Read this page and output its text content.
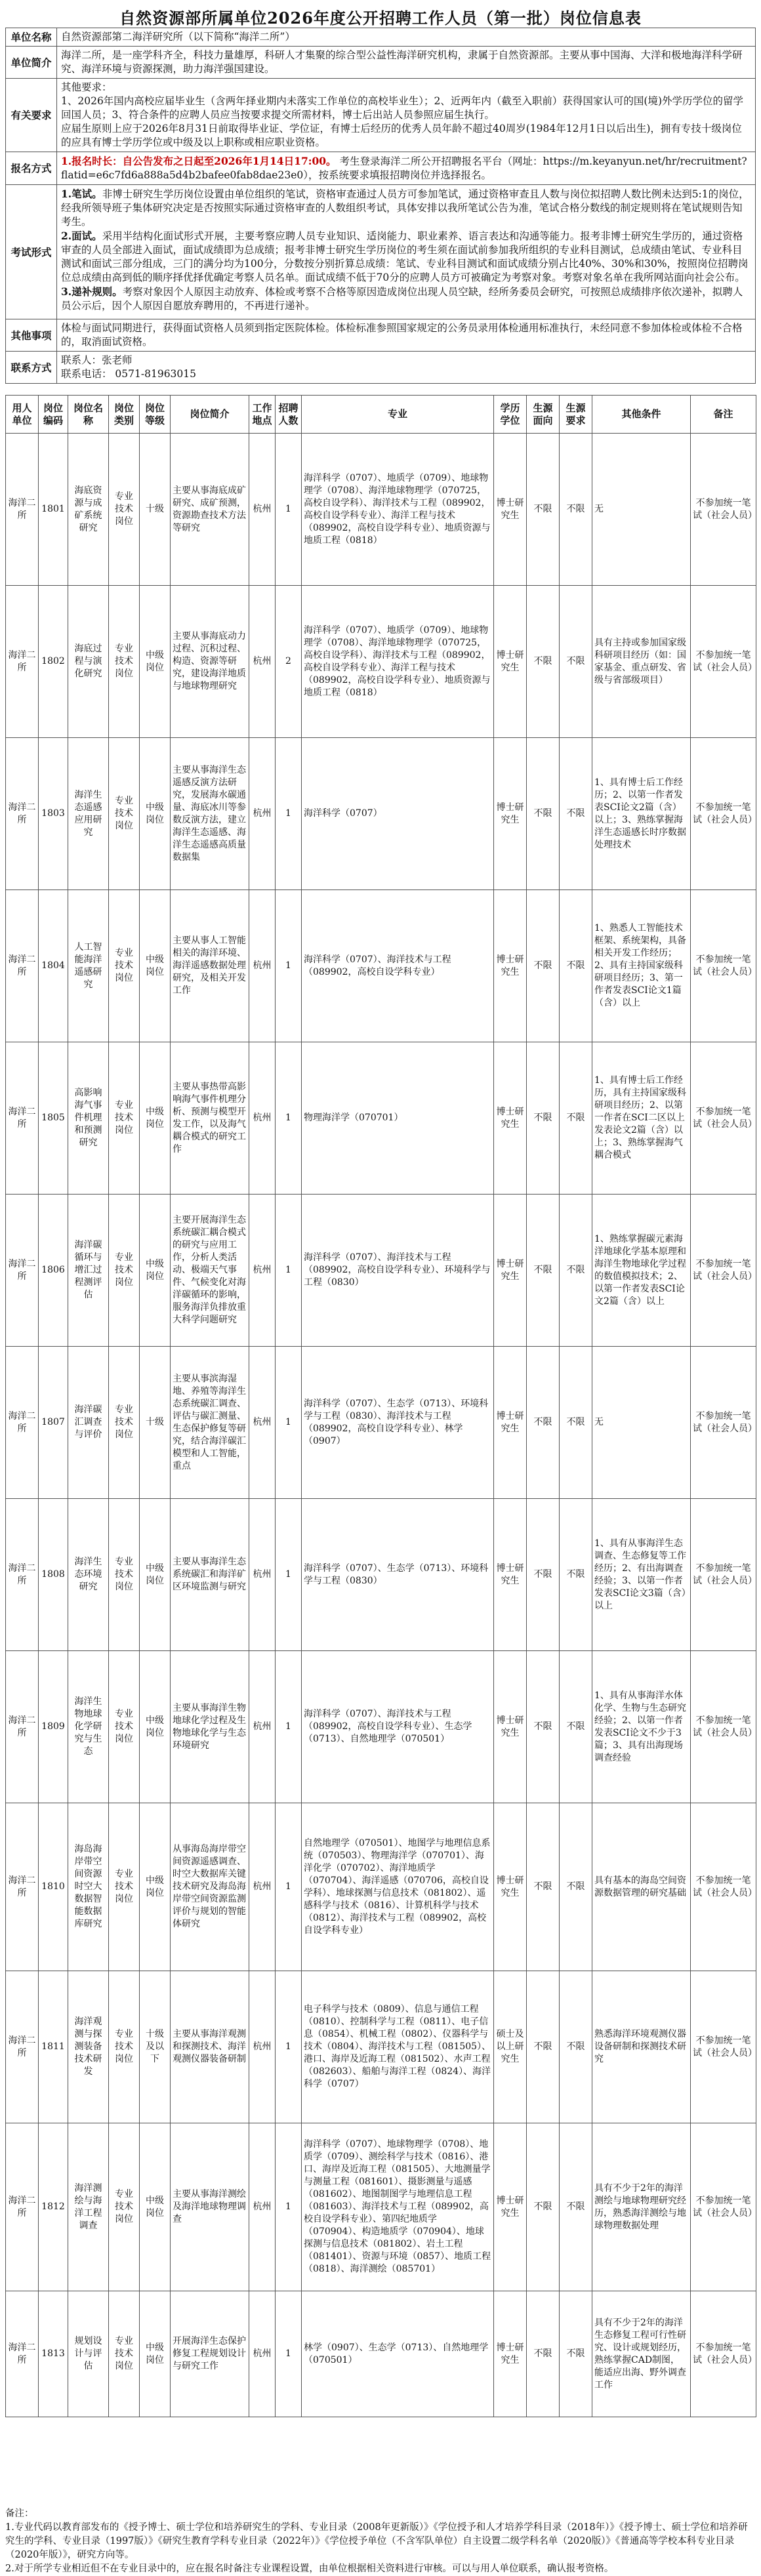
自然资源部所属单位2026年度公开招聘工作人员（第一批）岗位信息表
单位名称	自然资源部第二海洋研究所（以下简称“海洋二所”）
单位简介	海洋二所，是一座学科齐全，科技力量雄厚，科研人才集聚的综合型公益性海洋研究机构，隶属于自然资源部。主要从事中国海、大洋和极地海洋科学研究、海洋环境与资源探测，助力海洋强国建设。
有关要求	其他要求：

1、2026年国内高校应届毕业生（含两年择业期内未落实工作单位的高校毕业生）；2、近两年内（截至入职前）获得国家认可的国(境)外学历学位的留学回国人员；3、符合条件的应聘人员应当按要求提交所需材料，博士后出站人员参照应届生执行。

应届生原则上应于2026年8月31日前取得毕业证、学位证，有博士后经历的优秀人员年龄不超过40周岁(1984年12月1日以后出生)，拥有专技十级岗位的应具有博士学历学位或中级及以上职称或相应职业资格。

报名方式	1.报名时长：自公告发布之日起至2026年1月14日17:00。 考生登录海洋二所公开招聘报名平台（网址：https://m.keyanyun.net/hr/recruitment?flatid=e6c7fd6a888a5d4b2bafee0fab8dae23e0），按系统要求填报招聘岗位并选择报名。
考试形式	1.笔试。非博士研究生学历岗位设置由单位组织的笔试，资格审查通过人员方可参加笔试，通过资格审查且人数与岗位拟招聘人数比例未达到5:1的岗位，经我所领导班子集体研究决定是否按照实际通过资格审查的人数组织考试，具体安排以我所笔试公告为准，笔试合格分数线的制定规则将在笔试规则告知考生。

2.面试。采用半结构化面试形式开展，主要考察应聘人员专业知识、适岗能力、职业素养、语言表达和沟通等能力。报考非博士研究生学历的，通过资格审查的人员全部进入面试，面试成绩即为总成绩；报考非博士研究生学历岗位的考生须在面试前参加我所组织的专业科目测试，总成绩由笔试、专业科目测试和面试三部分组成，三门的满分均为100分，分数按分别折算总成绩：笔试、专业科目测试和面试成绩分别占比40%、30%和30%，按照岗位招聘岗位总成绩由高到低的顺序择优择优确定考察人员名单。面试成绩不低于70分的应聘人员方可被确定为考察对象。考察对象名单在我所网站面向社会公布。

3.递补规则。考察对象因个人原因主动放弃、体检或考察不合格等原因造成岗位出现人员空缺，经所务委员会研究，可按照总成绩排序依次递补，拟聘人员公示后，因个人原因自愿放弃聘用的，不再进行递补。

其他事项	体检与面试同期进行，获得面试资格人员须到指定医院体检。体检标准参照国家规定的公务员录用体检通用标准执行，未经同意不参加体检或体检不合格的，取消面试资格。
联系方式	联系人：张老师

联系电话： 0571-81963015

用人单位	岗位编码	岗位名称	岗位类别	岗位等级	岗位简介	工作地点	招聘人数	专业	学历学位	生源面向	生源要求	其他条件	备注
海洋二所	1801	海底资源与成矿系统研究	专业技术岗位	十级	主要从事海底成矿研究、成矿预测，资源勘查技术方法等研究	杭州	1	海洋科学（0707）、地质学（0709）、地球物理学（0708）、海洋地球物理学（070725，高校自设学科）、海洋技术与工程（089902，高校自设学科专业）、海洋工程与技术（089902，高校自设学科专业）、地质资源与地质工程（0818）	博士研究生	不限	不限	无	不参加统一笔试（社会人员）
海洋二所	1802	海底过程与演化研究	专业技术岗位	中级岗位	主要从事海底动力过程、沉积过程、构造、资源等研究，建设海洋地质与地球物理研究	杭州	2	海洋科学（0707）、地质学（0709）、地球物理学（0708）、海洋地球物理学（070725，高校自设学科）、海洋技术与工程（089902，高校自设学科专业）、海洋工程与技术（089902，高校自设学科专业）、地质资源与地质工程（0818）	博士研究生	不限	不限	具有主持或参加国家级科研项目经历（如：国家基金、重点研发、省级与省部级项目）	不参加统一笔试（社会人员）
海洋二所	1803	海洋生态遥感应用研究	专业技术岗位	中级岗位	主要从事海洋生态遥感反演方法研究，发展海水碳通量、海底冰川等参数反演方法，建立海洋生态遥感、海洋生态遥感高质量数据集	杭州	1	海洋科学（0707）	博士研究生	不限	不限	1、具有博士后工作经历；2、以第一作者发表SCI论文2篇（含）以上；3、熟练掌握海洋生态遥感长时序数据处理技术	不参加统一笔试（社会人员）
海洋二所	1804	人工智能海洋遥感研究	专业技术岗位	中级岗位	主要从事人工智能相关的海洋环境、海洋遥感数据处理研究，及相关开发工作	杭州	1	海洋科学（0707）、海洋技术与工程（089902，高校自设学科专业）	博士研究生	不限	不限	1、熟悉人工智能技术框架、系统架构，具备相关开发工作经历；2、具有主持国家级科研项目经历；3、第一作者发表SCI论文1篇（含）以上	不参加统一笔试（社会人员）
海洋二所	1805	高影响海气事件机理和预测研究	专业技术岗位	中级岗位	主要从事热带高影响海气事件机理分析、预测与模型开发工作，以及海气耦合模式的研究工作	杭州	1	物理海洋学（070701）	博士研究生	不限	不限	1、具有博士后工作经历，具有主持国家级科研项目经历；2、以第一作者在SCI二区以上发表论文2篇（含）以上；3、熟练掌握海气耦合模式	不参加统一笔试（社会人员）
海洋二所	1806	海洋碳循环与增汇过程测评估	专业技术岗位	中级岗位	主要开展海洋生态系统碳汇耦合模式的研究与应用工作，分析人类活动、极端天气事件、气候变化对海洋碳循环的影响，服务海洋负排放重大科学问题研究	杭州	1	海洋科学（0707）、海洋技术与工程（089902，高校自设学科专业）、环境科学与工程（0830）	博士研究生	不限	不限	1、熟练掌握碳元素海洋地球化学基本原理和海洋生物地球化学过程的数值模拟技术；2、以第一作者发表SCI论文2篇（含）以上	不参加统一笔试（社会人员）
海洋二所	1807	海洋碳汇调查与评价	专业技术岗位	十级	主要从事滨海湿地、养殖等海洋生态系统碳汇调查、评估与碳汇测量、生态保护修复等研究，结合海洋碳汇模型和人工智能，重点	杭州	1	海洋科学（0707）、生态学（0713）、环境科学与工程（0830）、海洋技术与工程（089902，高校自设学科专业）、林学（0907）	博士研究生	不限	不限	无	不参加统一笔试（社会人员）
海洋二所	1808	海洋生态环境研究	专业技术岗位	中级岗位	主要从事海洋生态系统碳汇和海洋矿区环境监测与研究	杭州	1	海洋科学（0707）、生态学（0713）、环境科学与工程（0830）	博士研究生	不限	不限	1、具有从事海洋生态调查、生态修复等工作经历；2、有出海调查经验；3、以第一作者发表SCI论文3篇（含）以上	不参加统一笔试（社会人员）
海洋二所	1809	海洋生物地球化学研究与生态	专业技术岗位	中级岗位	主要从事海洋生物地球化学过程及生物地球化学与生态环境研究	杭州	1	海洋科学（0707）、海洋技术与工程（089902，高校自设学科专业）、生态学（0713）、自然地理学（070501）	博士研究生	不限	不限	1、具有从事海洋水体化学、生物与生态研究经验；2、以第一作者发表SCI论文不少于3篇；3、具有出海现场调查经验	不参加统一笔试（社会人员）
海洋二所	1810	海岛海岸带空间资源时空大数据智能数据库研究	专业技术岗位	中级岗位	从事海岛海岸带空间资源遥感调查、时空大数据库关键技术研究及海岛海岸带空间资源监测评价与规划的智能体研究	杭州	1	自然地理学（070501）、地图学与地理信息系统（070503）、物理海洋学（070701）、海洋化学（070702）、海洋地质学（070704）、海洋遥感（070706，高校自设学科）、地球探测与信息技术（081802）、遥感科学与技术（0816）、计算机科学与技术（0812）、海洋技术与工程（089902，高校自设学科专业）	博士研究生	不限	不限	具有基本的海岛空间资源数据管理的研究基础	不参加统一笔试（社会人员）
海洋二所	1811	海洋观测与探测装备技术研发	专业技术岗位	十级及以下	主要从事海洋观测和探测技术、海洋观测仪器装备研制	杭州	1	电子科学与技术（0809）、信息与通信工程（0810）、控制科学与工程（0811）、电子信息（0854）、机械工程（0802）、仪器科学与技术（0804）、海洋技术与工程（081505）、港口、海岸及近海工程（081502）、水声工程（082603）、船舶与海洋工程（0824）、海洋科学（0707）	硕士及以上研究生	不限	不限	熟悉海洋环境观测仪器设备研制和探测技术研究	不参加统一笔试（社会人员）
海洋二所	1812	海洋测绘与海洋工程调查	专业技术岗位	中级岗位	主要从事海洋测绘及海洋地球物理调查	杭州	1	海洋科学（0707）、地球物理学（0708）、地质学（0709）、测绘科学与技术（0816）、港口、海岸及近海工程（081505）、大地测量学与测量工程（081601）、摄影测量与遥感（081602）、地图制图学与地理信息工程（081603）、海洋技术与工程（089902，高校自设学科专业）、第四纪地质学（070904）、构造地质学（070904）、地球探测与信息技术（081802）、岩土工程（081401）、资源与环境（0857）、地质工程（0818）、海洋测绘（085701）	博士研究生	不限	不限	具有不少于2年的海洋测绘与地球物理研究经历，熟悉海洋测绘与地球物理数据处理	不参加统一笔试（社会人员）
海洋二所	1813	规划设计与评估	专业技术岗位	中级岗位	开展海洋生态保护修复工程规划设计与研究工作	杭州	1	林学（0907）、生态学（0713）、自然地理学（070501）	博士研究生	不限	不限	具有不少于2年的海洋生态修复工程可行性研究、设计或规划经历，熟练掌握CAD制图，能适应出海、野外调查工作	不参加统一笔试（社会人员）

备注：

1.专业代码以教育部发布的《授予博士、硕士学位和培养研究生的学科、专业目录（2008年更新版）》《学位授予和人才培养学科目录（2018年）》《授予博士、硕士学位和培养研究生的学科、专业目录（1997版）》《研究生教育学科专业目录（2022年）》《学位授予单位（不含军队单位）自主设置二级学科名单（2020版）》《普通高等学校本科专业目录（2020年版）》，研究方向等。

2.对于所学专业相近但不在专业目录中的，应在报名时备注专业课程设置，由单位根据相关资料进行审核。可以与用人单位联系，确认报考资格。
